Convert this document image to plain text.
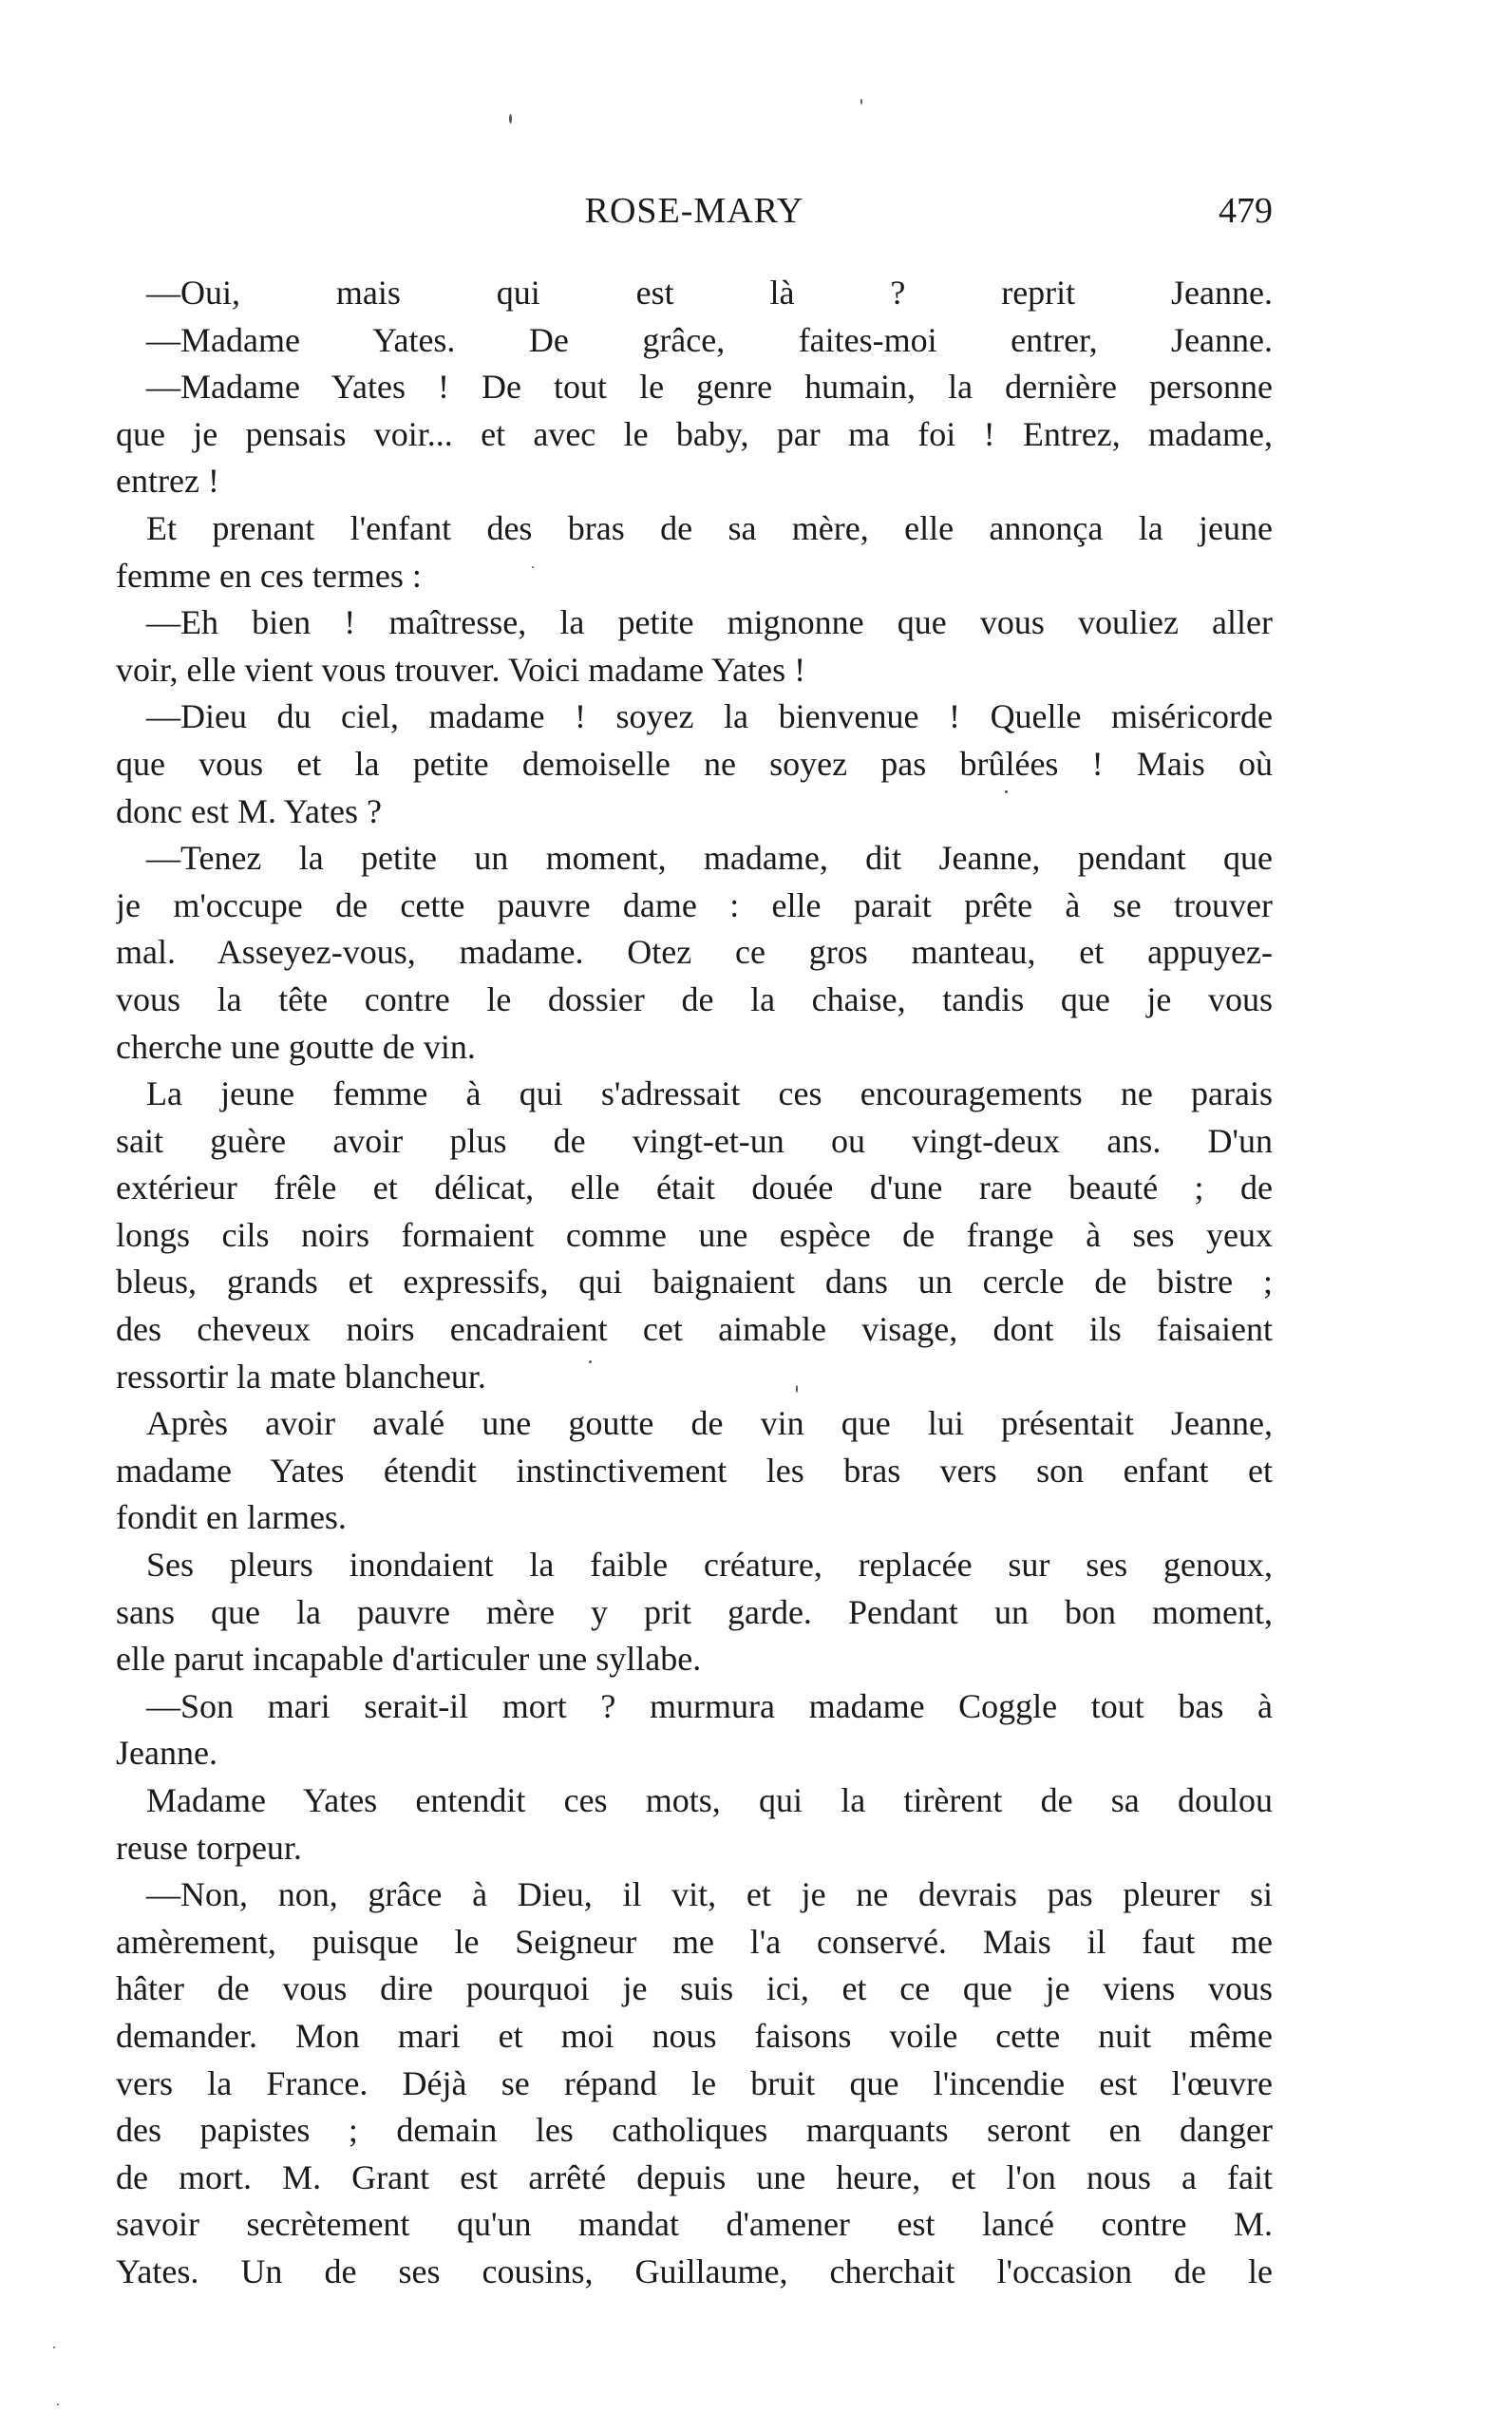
ROSE-MARY	479
—Oui, mais qui est là ? reprit Jeanne.
—Madame Yates. De grâce, faites-moi entrer, Jeanne.
—Madame Yates ! De tout le genre humain, la dernière personne
que je pensais voir... et avec le baby, par ma foi ! Entrez, madame,
entrez !
Et prenant l'enfant des bras de sa mère, elle annonça la jeune
femme en ces termes :
—Eh bien ! maîtresse, la petite mignonne que vous vouliez aller
voir, elle vient vous trouver. Voici madame Yates !
—Dieu du ciel, madame ! soyez la bienvenue ! Quelle miséricorde
que vous et la petite demoiselle ne soyez pas brûlées ! Mais où
donc est M. Yates ?
—Tenez la petite un moment, madame, dit Jeanne, pendant que
je m'occupe de cette pauvre dame : elle parait prête à se trouver
mal. Asseyez-vous, madame. Otez ce gros manteau, et appuyez-
vous la tête contre le dossier de la chaise, tandis que je vous
cherche une goutte de vin.
La jeune femme à qui s'adressait ces encouragements ne parais
sait guère avoir plus de vingt-et-un ou vingt-deux ans. D'un
extérieur frêle et délicat, elle était douée d'une rare beauté ; de
longs cils noirs formaient comme une espèce de frange à ses yeux
bleus, grands et expressifs, qui baignaient dans un cercle de bistre ;
des cheveux noirs encadraient cet aimable visage, dont ils faisaient
ressortir la mate blancheur.
Après avoir avalé une goutte de vin que lui présentait Jeanne,
madame Yates étendit instinctivement les bras vers son enfant et
fondit en larmes.
Ses pleurs inondaient la faible créature, replacée sur ses genoux,
sans que la pauvre mère y prit garde. Pendant un bon moment,
elle parut incapable d'articuler une syllabe.
—Son mari serait-il mort ? murmura madame Coggle tout bas à
Jeanne.
Madame Yates entendit ces mots, qui la tirèrent de sa doulou
reuse torpeur.
—Non, non, grâce à Dieu, il vit, et je ne devrais pas pleurer si
amèrement, puisque le Seigneur me l'a conservé. Mais il faut me
hâter de vous dire pourquoi je suis ici, et ce que je viens vous
demander. Mon mari et moi nous faisons voile cette nuit même
vers la France. Déjà se répand le bruit que l'incendie est l'œuvre
des papistes ; demain les catholiques marquants seront en danger
de mort. M. Grant est arrêté depuis une heure, et l'on nous a fait
savoir secrètement qu'un mandat d'amener est lancé contre M.
Yates. Un de ses cousins, Guillaume, cherchait l'occasion de le
